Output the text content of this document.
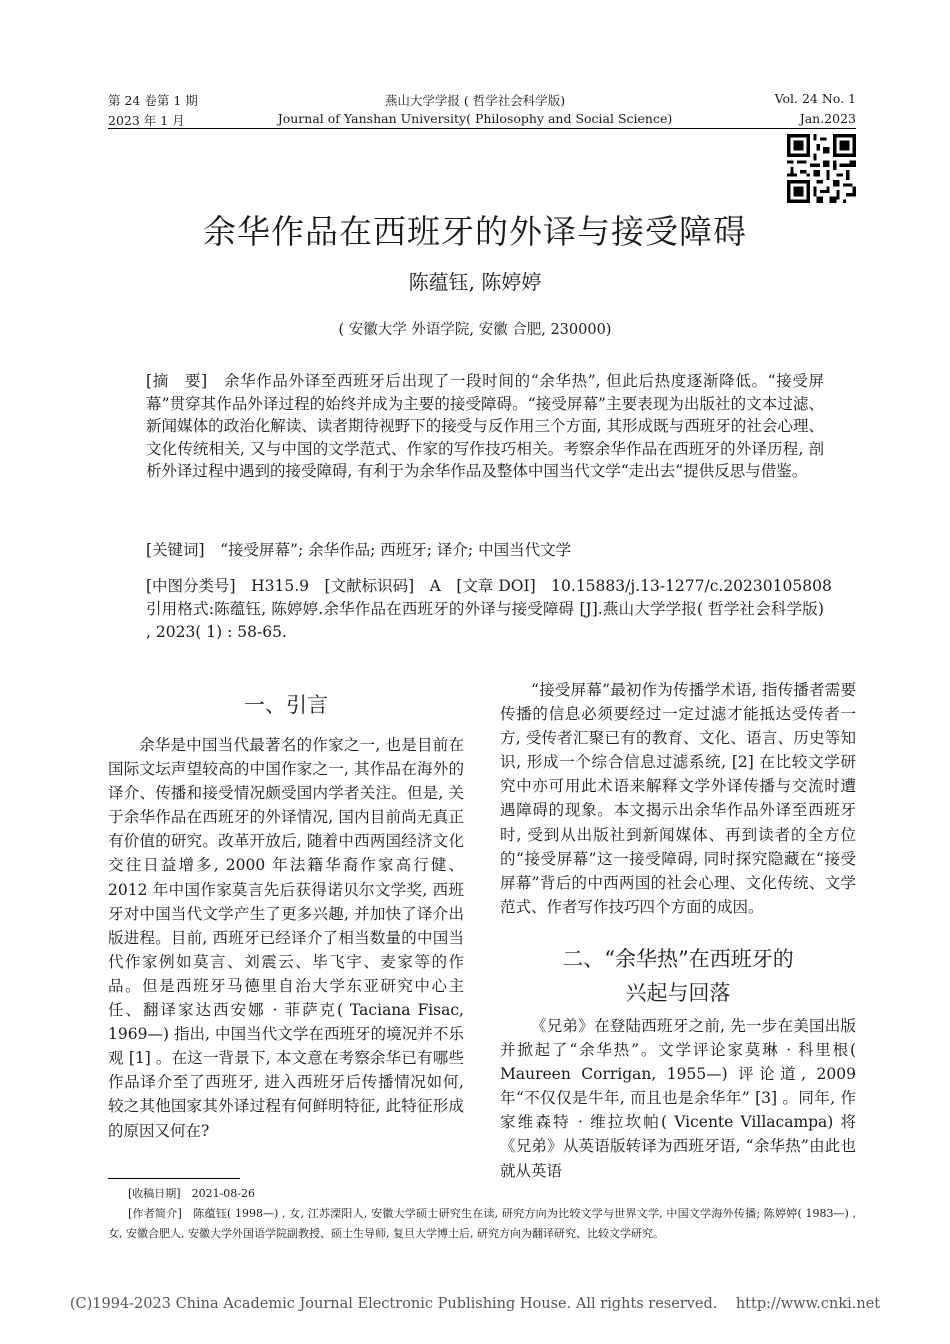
第 24 卷第 1 期
2023 年 1 月
燕山大学学报 ( 哲学社会科学版)
Journal of Yanshan University( Philosophy and Social Science)
Vol. 24 No. 1
Jan.2023
余华作品在西班牙的外译与接受障碍
陈蕴钰, 陈婷婷
( 安徽大学 外语学院, 安徽 合肥, 230000)
[摘　要]　 余华作品外译至西班牙后出现了一段时间的“余华热”, 但此后热度逐渐降低。“接受屏幕”贯穿其作品外译过程的始终并成为主要的接受障碍。“接受屏幕”主要表现为出版社的文本过滤、新闻媒体的政治化解读、读者期待视野下的接受与反作用三个方面, 其形成既与西班牙的社会心理、文化传统相关, 又与中国的文学范式、作家的写作技巧相关。考察余华作品在西班牙的外译历程, 剖析外译过程中遇到的接受障碍, 有利于为余华作品及整体中国当代文学“走出去”提供反思与借鉴。
[关键词]　 “接受屏幕”; 余华作品; 西班牙; 译介; 中国当代文学
[中图分类号]　 H315.9　 [文献标识码]　 A　 [文章 DOI]　 10.15883/j.13-1277/c.20230105808
引用格式:陈蕴钰, 陈婷婷.余华作品在西班牙的外译与接受障碍 [J].燕山大学学报( 哲学社会科学版) , 2023( 1) : 58-65.
一、引言

余华是中国当代最著名的作家之一, 也是目前在国际文坛声望较高的中国作家之一, 其作品在海外的译介、传播和接受情况颇受国内学者关注。但是, 关于余华作品在西班牙的外译情况, 国内目前尚无真正有价值的研究。改革开放后, 随着中西两国经济文化交往日益增多, 2000 年法籍华裔作家高行健、2012 年中国作家莫言先后获得诺贝尔文学奖, 西班牙对中国当代文学产生了更多兴趣, 并加快了译介出版进程。目前, 西班牙已经译介了相当数量的中国当代作家例如莫言、刘震云、毕飞宇、麦家等的作品。但是西班牙马德里自治大学东亚研究中心主任、翻译家达西安娜 · 菲萨克( Taciana Fisac, 1969—) 指出, 中国当代文学在西班牙的境况并不乐观 [1] 。在这一背景下, 本文意在考察余华已有哪些作品译介至了西班牙, 进入西班牙后传播情况如何, 较之其他国家其外译过程有何鲜明特征, 此特征形成的原因又何在?

“接受屏幕”最初作为传播学术语, 指传播者需要传播的信息必须要经过一定过滤才能抵达受传者一方, 受传者汇聚已有的教育、文化、语言、历史等知识, 形成一个综合信息过滤系统, [2] 在比较文学研究中亦可用此术语来解释文学外译传播与交流时遭遇障碍的现象。本文揭示出余华作品外译至西班牙时, 受到从出版社到新闻媒体、再到读者的全方位的“接受屏幕”这一接受障碍, 同时探究隐藏在“接受屏幕”背后的中西两国的社会心理、文化传统、文学范式、作者写作技巧四个方面的成因。

二、“余华热”在西班牙的
兴起与回落

《兄弟》在登陆西班牙之前, 先一步在美国出版并掀起了“余华热”。文学评论家莫琳 · 科里根( Maureen Corrigan, 1955—) 评论道, 2009 年“不仅仅是牛年, 而且也是余华年” [3] 。同年, 作家维森特 · 维拉坎帕( Vicente Villacampa) 将《兄弟》从英语版转译为西班牙语, “余华热”由此也就从英语

[收稿日期]　 2021-08-26
[作者简介]　 陈蕴钰( 1998—) , 女, 江苏溧阳人, 安徽大学硕士研究生在读, 研究方向为比较文学与世界文学, 中国文学海外传播; 陈婷婷( 1983—) , 女, 安徽合肥人, 安徽大学外国语学院副教授、硕士生导师, 复旦大学博士后, 研究方向为翻译研究、比较文学研究。
(C)1994-2023 China Academic Journal Electronic Publishing House. All rights reserved.    http://www.cnki.net
